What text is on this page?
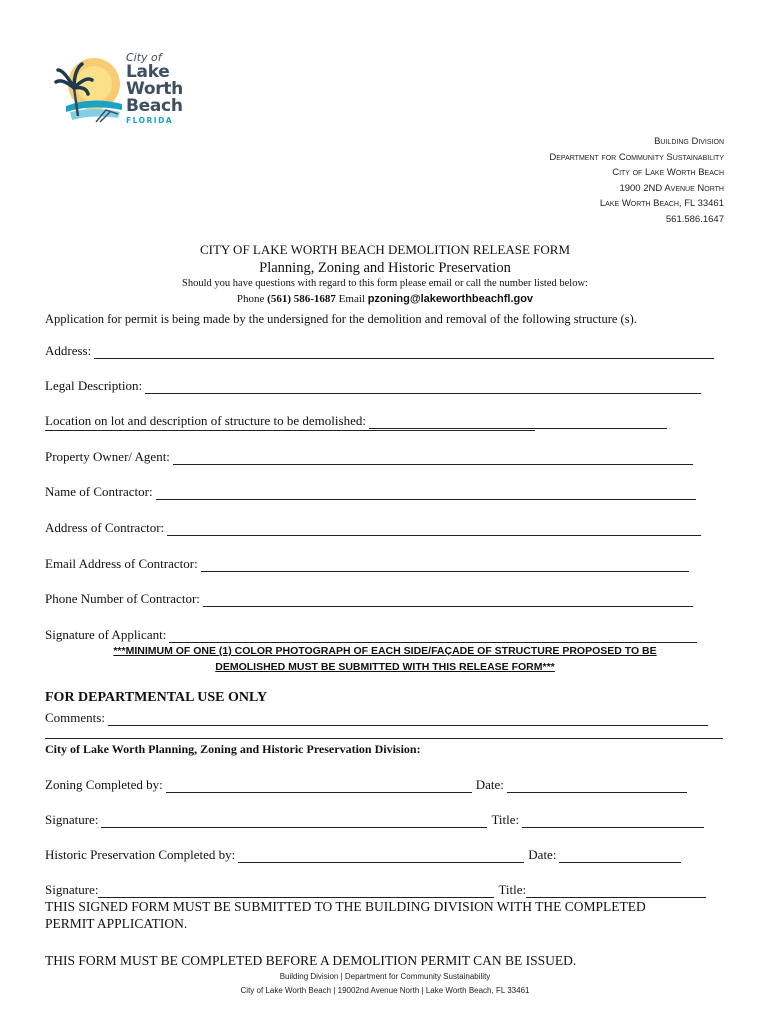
City of
Lake Worth
Beach
FLORIDA
Building Division
Department for Community Sustainability
City of Lake Worth Beach
1900 2ND Avenue North
Lake Worth Beach, FL 33461
561.586.1647
CITY OF LAKE WORTH BEACH DEMOLITION RELEASE FORM
Planning, Zoning and Historic Preservation
Should you have questions with regard to this form please email or call the number listed below:
Phone (561) 586-1687 Email pzoning@lakeworthbeachfl.gov
Application for permit is being made by the undersigned for the demolition and removal of the following structure (s).
Address:
Legal Description:
Location on lot and description of structure to be demolished:
Property Owner/ Agent:
Name of Contractor:
Address of Contractor:
Email Address of Contractor:
Phone Number of Contractor:
Signature of Applicant:
***MINIMUM OF ONE (1) COLOR PHOTOGRAPH OF EACH SIDE/FAÇADE OF STRUCTURE PROPOSED TO BE
DEMOLISHED MUST BE SUBMITTED WITH THIS RELEASE FORM***
FOR DEPARTMENTAL USE ONLY
Comments:
City of Lake Worth Planning, Zoning and Historic Preservation Division:
Zoning Completed by:	Date:
Signature:	Title:
Historic Preservation Completed by:	Date:
Signature:	Title:
THIS SIGNED FORM MUST BE SUBMITTED TO THE BUILDING DIVISION WITH THE COMPLETED
PERMIT APPLICATION.
THIS FORM MUST BE COMPLETED BEFORE A DEMOLITION PERMIT CAN BE ISSUED.
Building Division | Department for Community Sustainability
City of Lake Worth Beach | 19002nd Avenue North | Lake Worth Beach, FL 33461
